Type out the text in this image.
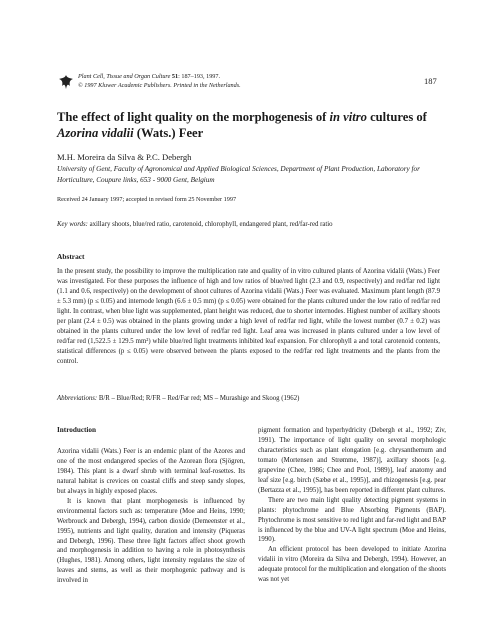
Plant Cell, Tissue and Organ Culture 51: 187–193, 1997.
© 1997 Kluwer Academic Publishers. Printed in the Netherlands.	187
The effect of light quality on the morphogenesis of in vitro cultures of Azorina vidalii (Wats.) Feer
M.H. Moreira da Silva & P.C. Debergh
University of Gent, Faculty of Agronomical and Applied Biological Sciences, Department of Plant Production, Laboratory for Horticulture, Coupure links, 653 - 9000 Gent, Belgium
Received 24 January 1997; accepted in revised form 25 November 1997
Key words: axillary shoots, blue/red ratio, carotenoid, chlorophyll, endangered plant, red/far-red ratio
Abstract

In the present study, the possibility to improve the multiplication rate and quality of in vitro cultured plants of Azorina vidalii (Wats.) Feer was investigated. For these purposes the influence of high and low ratios of blue/red light (2.3 and 0.9, respectively) and red/far red light (1.1 and 0.6, respectively) on the development of shoot cultures of Azorina vidalii (Wats.) Feer was evaluated. Maximum plant length (87.9 ± 5.3 mm) (p ≤ 0.05) and internode length (6.6 ± 0.5 mm) (p ≤ 0.05) were obtained for the plants cultured under the low ratio of red/far red light. In contrast, when blue light was supplemented, plant height was reduced, due to shorter internodes. Highest number of axillary shoots per plant (2.4 ± 0.5) was obtained in the plants growing under a high level of red/far red light, while the lowest number (0.7 ± 0.2) was obtained in the plants cultured under the low level of red/far red light. Leaf area was increased in plants cultured under a low level of red/far red (1,522.5 ± 129.5 mm²) while blue/red light treatments inhibited leaf expansion. For chlorophyll a and total carotenoid contents, statistical differences (p ≤ 0.05) were observed between the plants exposed to the red/far red light treatments and the plants from the control.

Abbreviations: B/R – Blue/Red; R/FR – Red/Far red; MS – Murashige and Skoog (1962)

Introduction

Azorina vidalii (Wats.) Feer is an endemic plant of the Azores and one of the most endangered species of the Azorean flora (Sjögren, 1984). This plant is a dwarf shrub with terminal leaf-rosettes. Its natural habitat is crevices on coastal cliffs and steep sandy slopes, but always in highly exposed places.

It is known that plant morphogenesis is influenced by environmental factors such as: temperature (Moe and Heins, 1990; Werbrouck and Debergh, 1994), carbon dioxide (Demeenster et al., 1995), nutrients and light quality, duration and intensity (Piqueras and Debergh, 1996). These three light factors affect shoot growth and morphogenesis in addition to having a role in photosynthesis (Hughes, 1981). Among others, light intensity regulates the size of leaves and stems, as well as their morphogenic pathway and is involved in

pigment formation and hyperhydricity (Debergh et al., 1992; Ziv, 1991). The importance of light quality on several morphologic characteristics such as plant elongation [e.g. chrysanthemum and tomato (Mortensen and Strømme, 1987)], axillary shoots [e.g. grapevine (Chee, 1986; Chee and Pool, 1989)], leaf anatomy and leaf size [e.g. birch (Sæbø et al., 1995)], and rhizogenesis [e.g. pear (Bertazza et al., 1995)], has been reported in different plant cultures.

There are two main light quality detecting pigment systems in plants: phytochrome and Blue Absorbing Pigments (BAP). Phytochrome is most sensitive to red light and far-red light and BAP is influenced by the blue and UV-A light spectrum (Moe and Heins, 1990).

An efficient protocol has been developed to initiate Azorina vidalii in vitro (Moreira da Silva and Debergh, 1994). However, an adequate protocol for the multiplication and elongation of the shoots was not yet
